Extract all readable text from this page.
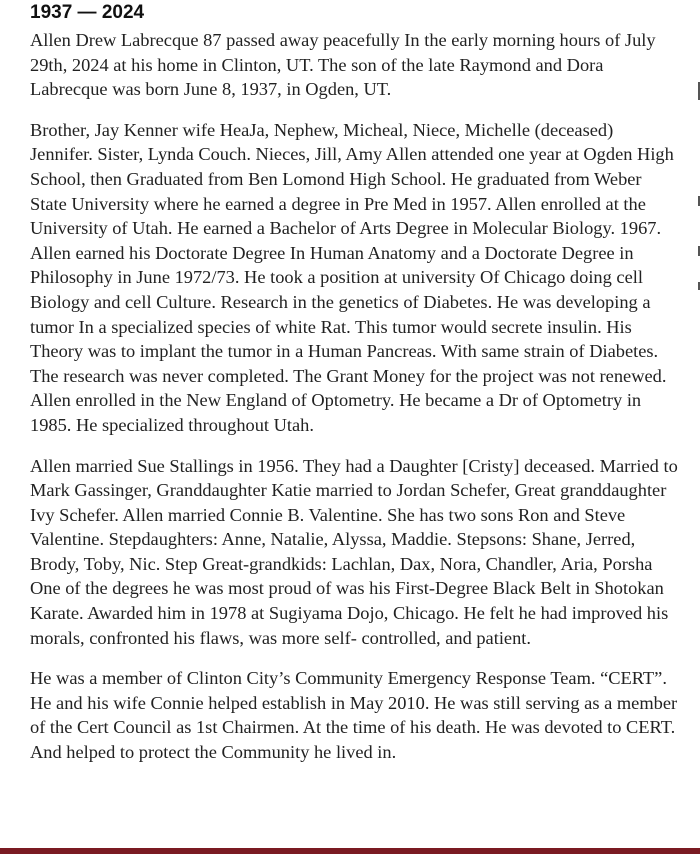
1937 — 2024

Allen Drew Labrecque 87 passed away peacefully In the early morning hours of July 29th, 2024 at his home in Clinton, UT. The son of the late Raymond and Dora Labrecque was born June 8, 1937, in Ogden, UT.

Brother, Jay Kenner wife HeaJa, Nephew, Micheal, Niece, Michelle (deceased) Jennifer. Sister, Lynda Couch. Nieces, Jill, Amy Allen attended one year at Ogden High School, then Graduated from Ben Lomond High School. He graduated from Weber State University where he earned a degree in Pre Med in 1957. Allen enrolled at the University of Utah. He earned a Bachelor of Arts Degree in Molecular Biology. 1967. Allen earned his Doctorate Degree In Human Anatomy and a Doctorate Degree in Philosophy in June 1972/73. He took a position at university Of Chicago doing cell Biology and cell Culture. Research in the genetics of Diabetes. He was developing a tumor In a specialized species of white Rat. This tumor would secrete insulin. His Theory was to implant the tumor in a Human Pancreas. With same strain of Diabetes. The research was never completed. The Grant Money for the project was not renewed. Allen enrolled in the New England of Optometry. He became a Dr of Optometry in 1985. He specialized throughout Utah.

Allen married Sue Stallings in 1956. They had a Daughter [Cristy] deceased. Married to Mark Gassinger, Granddaughter Katie married to Jordan Schefer, Great granddaughter Ivy Schefer. Allen married Connie B. Valentine. She has two sons Ron and Steve Valentine. Stepdaughters: Anne, Natalie, Alyssa, Maddie. Stepsons: Shane, Jerred, Brody, Toby, Nic. Step Great-grandkids: Lachlan, Dax, Nora, Chandler, Aria, Porsha One of the degrees he was most proud of was his First-Degree Black Belt in Shotokan Karate. Awarded him in 1978 at Sugiyama Dojo, Chicago. He felt he had improved his morals, confronted his flaws, was more self- controlled, and patient.

He was a member of Clinton City’s Community Emergency Response Team. “CERT”. He and his wife Connie helped establish in May 2010. He was still serving as a member of the Cert Council as 1st Chairmen. At the time of his death. He was devoted to CERT. And helped to protect the Community he lived in.

Created with Class Creator
